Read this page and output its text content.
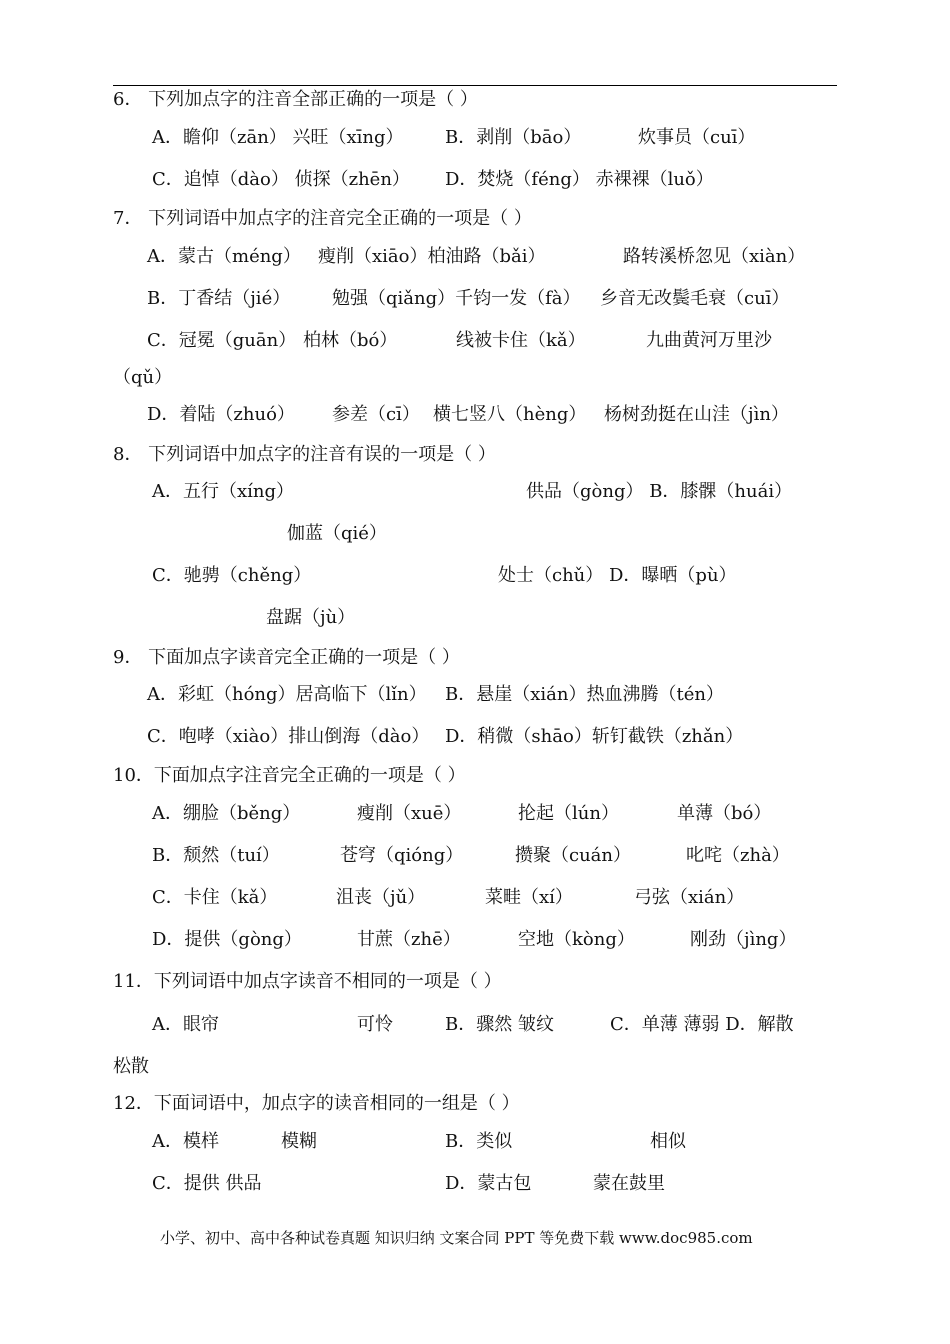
6． 下列加点字的注音全部正确的一项是（ ）
A．瞻仰（zān） 兴旺（xīng） B．剥削（bāo）	炊事员（cuī）
C．追悼（dào） 侦探（zhēn） D．焚烧（féng） 赤裸裸（luǒ）
7． 下列词语中加点字的注音完全正确的一项是（ ）
A．蒙古（méng） 瘦削（xiāo）柏油路（bǎi）	路转溪桥忽见（xiàn）
B．丁香结（jié） 勉强（qiǎng）千钧一发（fà） 乡音无改鬓毛衰（cuī）
C．冠冕（guān） 柏林（bó）	线被卡住（kǎ）	九曲黄河万里沙
（qǔ）
D．着陆（zhuó） 参差（cī） 横七竖八（hèng） 杨树劲挺在山洼（jìn）
8． 下列词语中加点字的注音有误的一项是（ ）
A．五行（xíng）	供品（gòng） B．膝髁（huái）
伽蓝（qié）
C．驰骋（chěng）	处士（chǔ） D．曝晒（pù）
盘踞（jù）
9． 下面加点字读音完全正确的一项是（ ）
A．彩虹（hóng）居高临下（lǐn） B．悬崖（xián）热血沸腾（tén）
C．咆哮（xiào）排山倒海（dào） D．稍微（shāo）斩钉截铁（zhǎn）
10．下面加点字注音完全正确的一项是（ ）
A．绷脸（běng）	瘦削（xuē）	抡起（lún）	单薄（bó）
B．颓然（tuí）	苍穹（qióng）	攒聚（cuán）	叱咤（zhà）
C．卡住（kǎ）	沮丧（jǔ）	菜畦（xí）	弓弦（xián）
D．提供（gòng）	甘蔗（zhē）	空地（kòng）	刚劲（jìng）
11．下列词语中加点字读音不相同的一项是（ ）
A．眼帘	可怜	B．骤然 皱纹	C．单薄 薄弱 D．解散
松散
12．下面词语中，加点字的读音相同的一组是（ ）
A．模样	模糊	B．类似	相似
C．提供 供品	D．蒙古包	蒙在鼓里
小学、初中、高中各种试卷真题 知识归纳 文案合同 PPT 等免费下载 www.doc985.com
